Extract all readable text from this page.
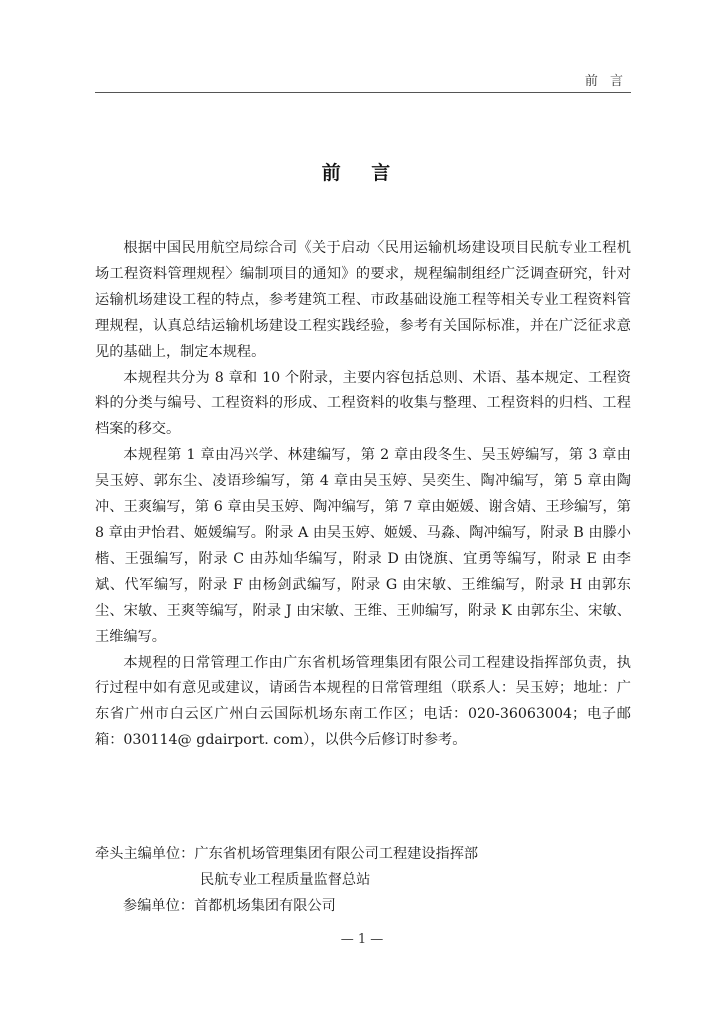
前 言
前 言

根据中国民用航空局综合司《关于启动〈民用运输机场建设项目民航专业工程机场工程资料管理规程〉编制项目的通知》的要求，规程编制组经广泛调查研究，针对运输机场建设工程的特点，参考建筑工程、市政基础设施工程等相关专业工程资料管理规程，认真总结运输机场建设工程实践经验，参考有关国际标准，并在广泛征求意见的基础上，制定本规程。

本规程共分为 8 章和 10 个附录，主要内容包括总则、术语、基本规定、工程资料的分类与编号、工程资料的形成、工程资料的收集与整理、工程资料的归档、工程档案的移交。

本规程第 1 章由冯兴学、林建编写，第 2 章由段冬生、吴玉婷编写，第 3 章由吴玉婷、郭东尘、凌语珍编写，第 4 章由吴玉婷、吴奕生、陶冲编写，第 5 章由陶冲、王爽编写，第 6 章由吴玉婷、陶冲编写，第 7 章由姬媛、谢含婧、王珍编写，第 8 章由尹怡君、姬媛编写。附录 A 由吴玉婷、姬媛、马淼、陶冲编写，附录 B 由滕小楷、王强编写，附录 C 由苏灿华编写，附录 D 由饶旗、宜勇等编写，附录 E 由李斌、代军编写，附录 F 由杨剑武编写，附录 G 由宋敏、王维编写，附录 H 由郭东尘、宋敏、王爽等编写，附录 J 由宋敏、王维、王帅编写，附录 K 由郭东尘、宋敏、王维编写。

本规程的日常管理工作由广东省机场管理集团有限公司工程建设指挥部负责，执行过程中如有意见或建议，请函告本规程的日常管理组（联系人：吴玉婷；地址：广东省广州市白云区广州白云国际机场东南工作区；电话：020-36063004；电子邮箱：030114@ gdairport. com），以供今后修订时参考。

牵头主编单位：广东省机场管理集团有限公司工程建设指挥部
民航专业工程质量监督总站
参编单位：首都机场集团有限公司
— 1 —
